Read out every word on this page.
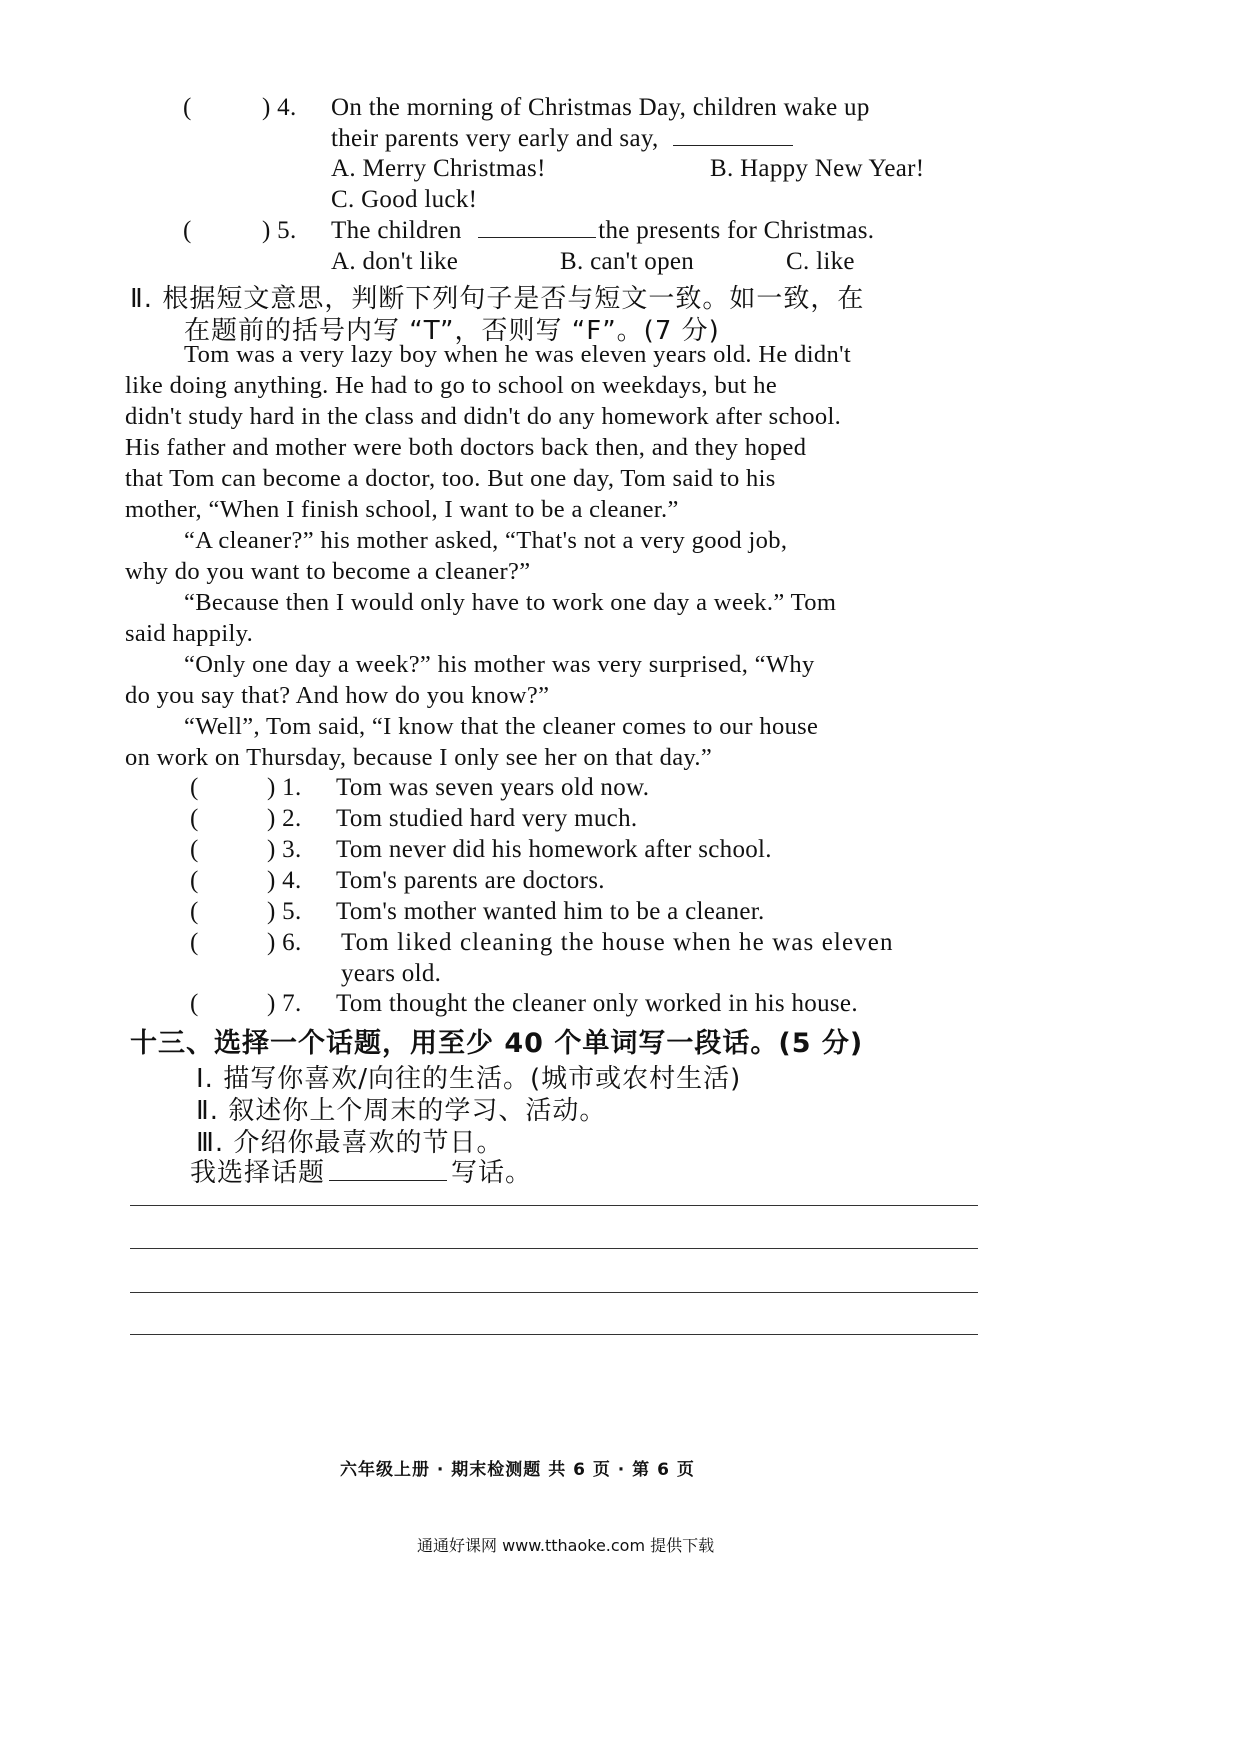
(	) 4. On the morning of Christmas Day, children wake up
their parents very early and say,
A. Merry Christmas!	B. Happy New Year!
C. Good luck!
(	) 5. The children	the presents for Christmas.
A. don't like	B. can't open	C. like
Ⅱ. 根据短文意思，判断下列句子是否与短文一致。如一致，在
在题前的括号内写 “T”，否则写 “F”。(7 分)
Tom was a very lazy boy when he was eleven years old. He didn't
like doing anything. He had to go to school on weekdays, but he
didn't study hard in the class and didn't do any homework after school.
His father and mother were both doctors back then, and they hoped
that Tom can become a doctor, too. But one day, Tom said to his
mother, “When I finish school, I want to be a cleaner.”
“A cleaner?” his mother asked, “That's not a very good job,
why do you want to become a cleaner?”
“Because then I would only have to work one day a week.” Tom
said happily.
“Only one day a week?” his mother was very surprised, “Why
do you say that? And how do you know?”
“Well”, Tom said, “I know that the cleaner comes to our house
on work on Thursday, because I only see her on that day.”
(	) 1. Tom was seven years old now.
(	) 2. Tom studied hard very much.
(	) 3. Tom never did his homework after school.
(	) 4. Tom's parents are doctors.
(	) 5. Tom's mother wanted him to be a cleaner.
(	) 6. Tom liked cleaning the house when he was eleven
years old.
(	) 7. Tom thought the cleaner only worked in his house.
十三、选择一个话题，用至少 40 个单词写一段话。(5 分)
Ⅰ. 描写你喜欢/向往的生活。(城市或农村生活)
Ⅱ. 叙述你上个周末的学习、活动。
Ⅲ. 介绍你最喜欢的节日。
我选择话题	写话。
六年级上册 · 期末检测题 共 6 页 · 第 6 页
通通好课网 www.tthaoke.com 提供下载
